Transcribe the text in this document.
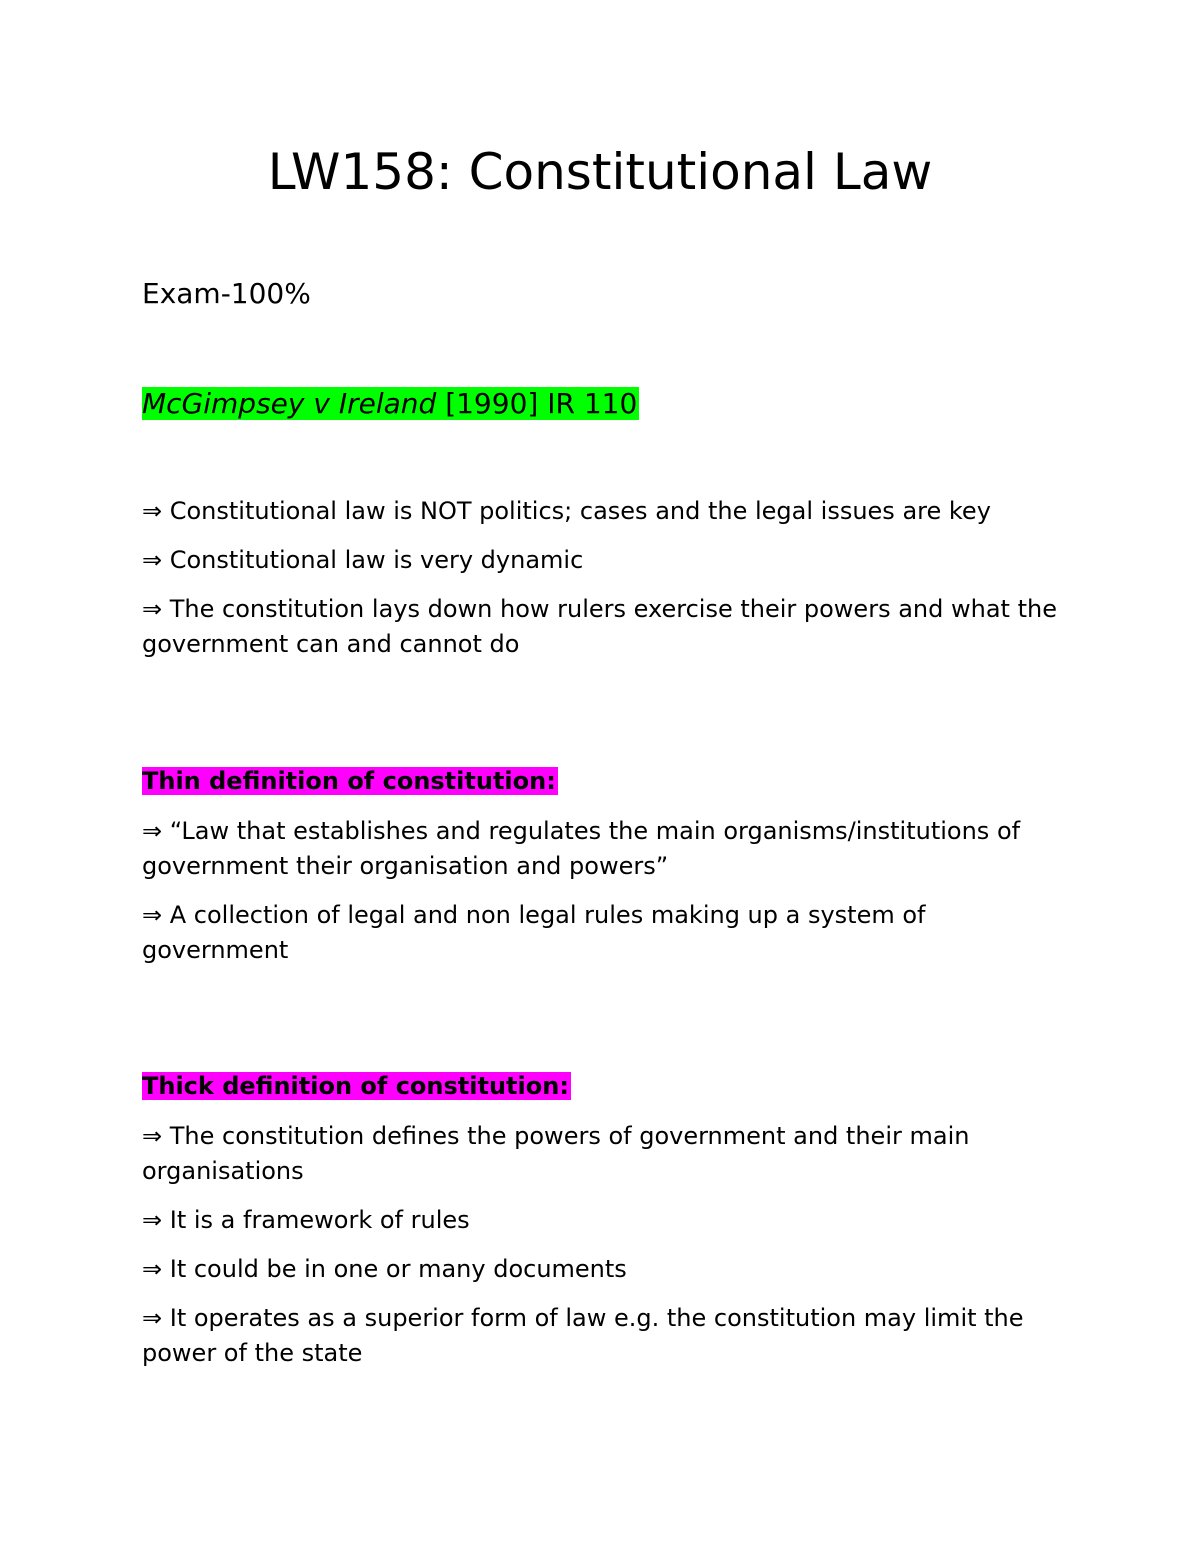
LW158: Constitutional Law
Exam-100%
McGimpsey v Ireland [1990] IR 110
⇒ Constitutional law is NOT politics; cases and the legal issues are key
⇒ Constitutional law is very dynamic
⇒ The constitution lays down how rulers exercise their powers and what the government can and cannot do
Thin definition of constitution:
⇒ “Law that establishes and regulates the main organisms/institutions of government their organisation and powers”
⇒ A collection of legal and non legal rules making up a system of government
Thick definition of constitution:
⇒ The constitution defines the powers of government and their main organisations
⇒ It is a framework of rules
⇒ It could be in one or many documents
⇒ It operates as a superior form of law e.g. the constitution may limit the power of the state
